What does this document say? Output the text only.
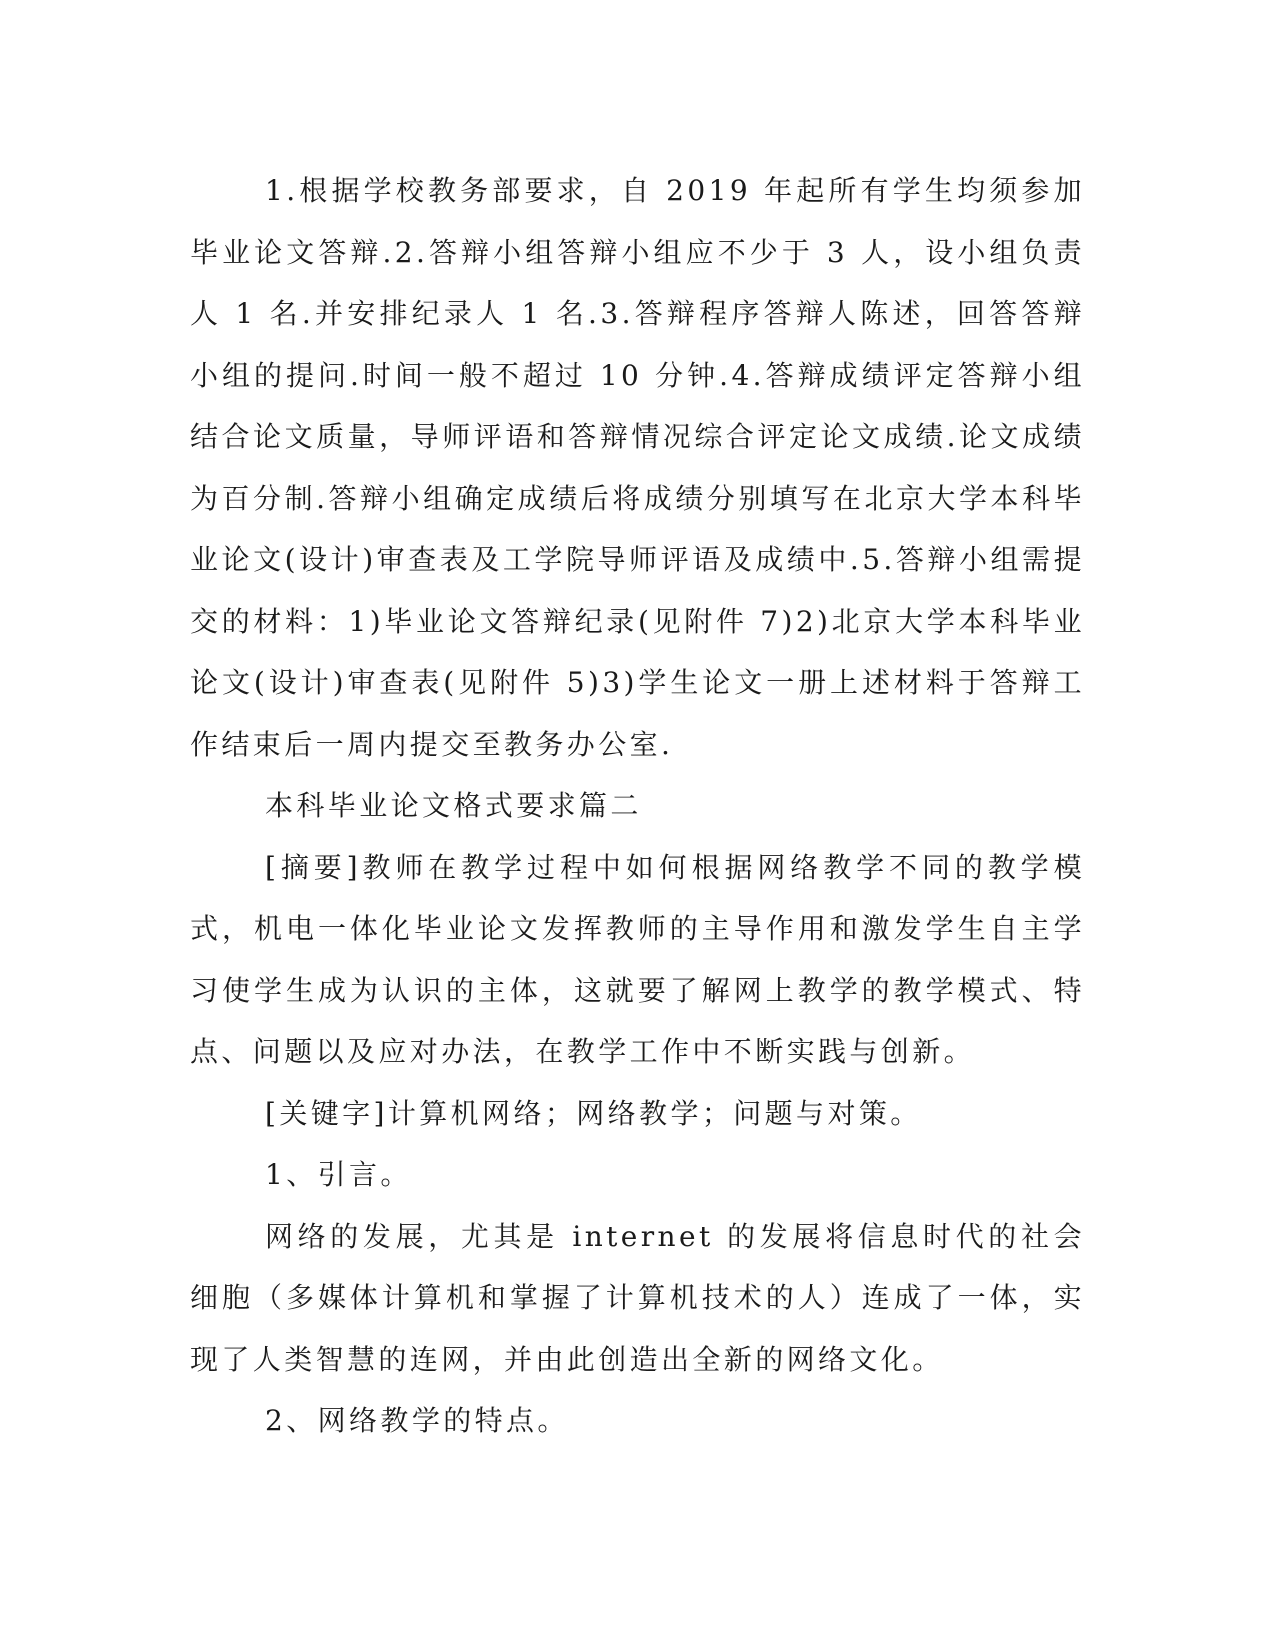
1.根据学校教务部要求，自 2019 年起所有学生均须参加毕业论文答辩.2.答辩小组答辩小组应不少于 3 人，设小组负责人 1 名.并安排纪录人 1 名.3.答辩程序答辩人陈述，回答答辩小组的提问.时间一般不超过 10 分钟.4.答辩成绩评定答辩小组结合论文质量，导师评语和答辩情况综合评定论文成绩.论文成绩为百分制.答辩小组确定成绩后将成绩分别填写在北京大学本科毕业论文(设计)审查表及工学院导师评语及成绩中.5.答辩小组需提交的材料：1)毕业论文答辩纪录(见附件 7)2)北京大学本科毕业论文(设计)审查表(见附件 5)3)学生论文一册上述材料于答辩工作结束后一周内提交至教务办公室.

本科毕业论文格式要求篇二

[摘要]教师在教学过程中如何根据网络教学不同的教学模式，机电一体化毕业论文发挥教师的主导作用和激发学生自主学习使学生成为认识的主体，这就要了解网上教学的教学模式、特点、问题以及应对办法，在教学工作中不断实践与创新。

[关键字]计算机网络；网络教学；问题与对策。

1、引言。

网络的发展，尤其是 internet 的发展将信息时代的社会细胞（多媒体计算机和掌握了计算机技术的人）连成了一体，实现了人类智慧的连网，并由此创造出全新的网络文化。

2、网络教学的特点。
